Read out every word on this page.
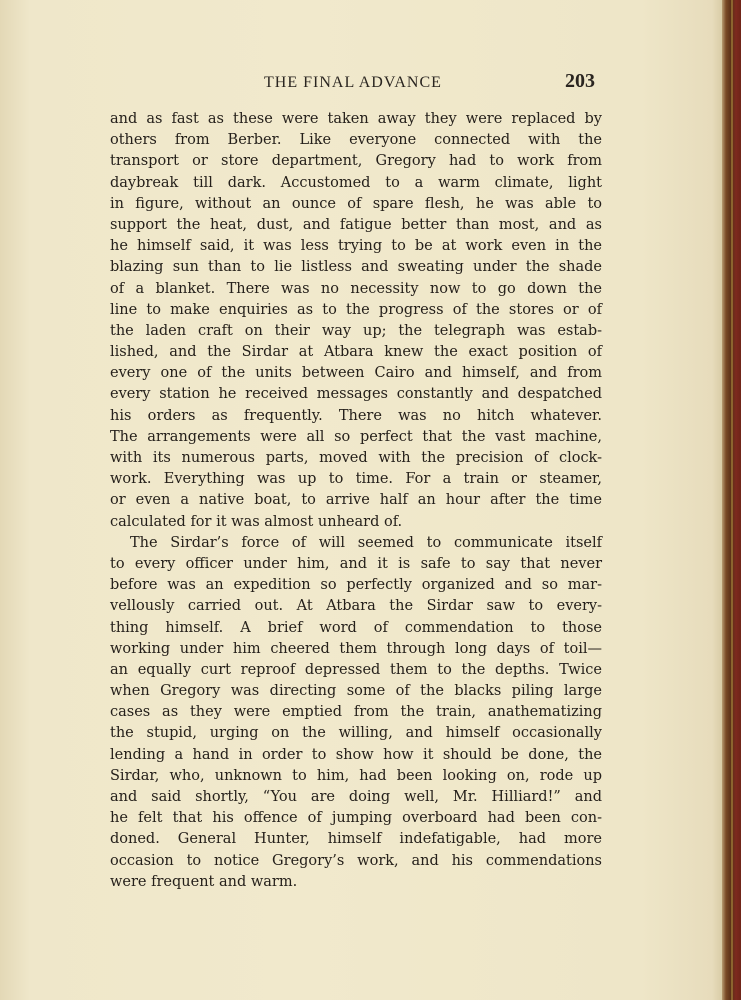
THE FINAL ADVANCE	203
and as fast as these were taken away they were replaced by
others from Berber. Like everyone connected with the
transport or store department, Gregory had to work from
daybreak till dark. Accustomed to a warm climate, light
in figure, without an ounce of spare flesh, he was able to
support the heat, dust, and fatigue better than most, and as
he himself said, it was less trying to be at work even in the
blazing sun than to lie listless and sweating under the shade
of a blanket. There was no necessity now to go down the
line to make enquiries as to the progress of the stores or of
the laden craft on their way up; the telegraph was estab-
lished, and the Sirdar at Atbara knew the exact position of
every one of the units between Cairo and himself, and from
every station he received messages constantly and despatched
his orders as frequently. There was no hitch whatever.
The arrangements were all so perfect that the vast machine,
with its numerous parts, moved with the precision of clock-
work. Everything was up to time. For a train or steamer,
or even a native boat, to arrive half an hour after the time
calculated for it was almost unheard of.
The Sirdar’s force of will seemed to communicate itself
to every officer under him, and it is safe to say that never
before was an expedition so perfectly organized and so mar-
vellously carried out. At Atbara the Sirdar saw to every-
thing himself. A brief word of commendation to those
working under him cheered them through long days of toil—
an equally curt reproof depressed them to the depths. Twice
when Gregory was directing some of the blacks piling large
cases as they were emptied from the train, anathematizing
the stupid, urging on the willing, and himself occasionally
lending a hand in order to show how it should be done, the
Sirdar, who, unknown to him, had been looking on, rode up
and said shortly, “You are doing well, Mr. Hilliard!” and
he felt that his offence of jumping overboard had been con-
doned. General Hunter, himself indefatigable, had more
occasion to notice Gregory’s work, and his commendations
were frequent and warm.
